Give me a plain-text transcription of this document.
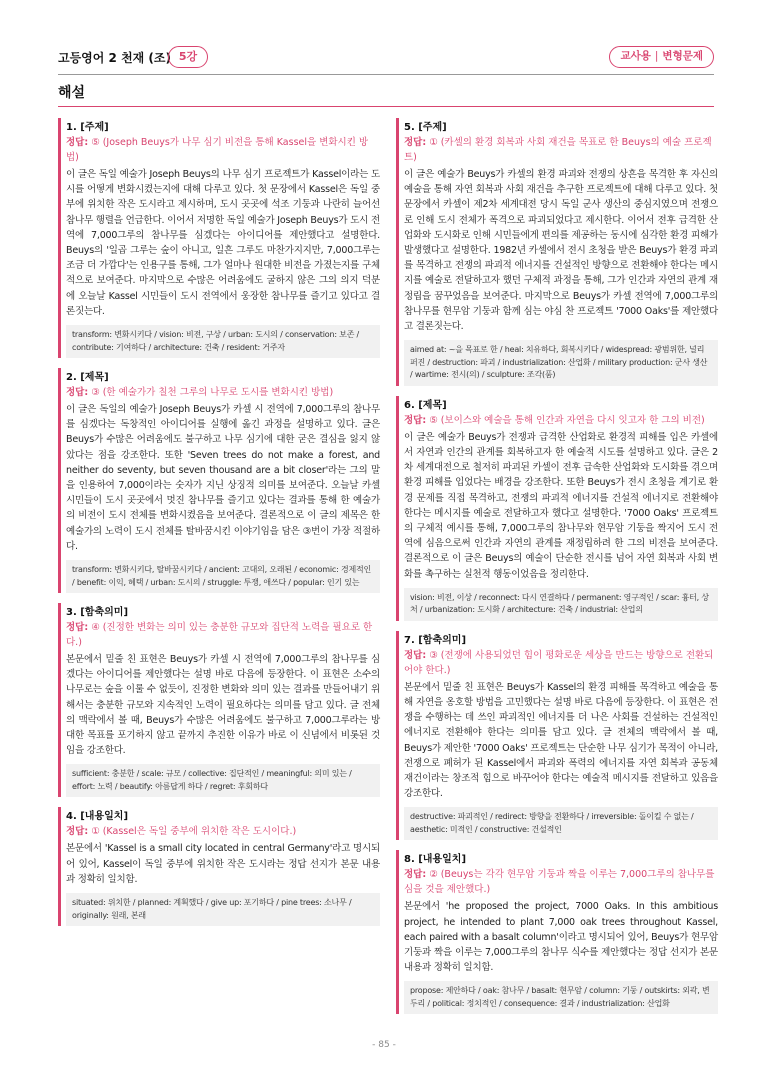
고등영어 2 천재 (조) 5강	교사용 | 변형문제
해설
1. [주제]
정답: ⑤ (Joseph Beuys가 나무 심기 비전을 통해 Kassel을 변화시킨 방법)
이 글은 독일 예술가 Joseph Beuys의 나무 심기 프로젝트가 Kassel이라는 도시를 어떻게 변화시켰는지에 대해 다루고 있다. 첫 문장에서 Kassel은 독일 중부에 위치한 작은 도시라고 제시하며, 도시 곳곳에 석조 기둥과 나란히 늘어선 참나무 행렬을 언급한다. 이어서 저명한 독일 예술가 Joseph Beuys가 도시 전역에 7,000그루의 참나무를 심겠다는 아이디어를 제안했다고 설명한다. Beuys의 '일곱 그루는 숲이 아니고, 일흔 그루도 마찬가지지만, 7,000그루는 조금 더 가깝다'는 인용구를 통해, 그가 얼마나 원대한 비전을 가졌는지를 구체적으로 보여준다. 마지막으로 수많은 어려움에도 굴하지 않은 그의 의지 덕분에 오늘날 Kassel 시민들이 도시 전역에서 웅장한 참나무를 즐기고 있다고 결론짓는다.
transform: 변화시키다 / vision: 비전, 구상 / urban: 도시의 / conservation: 보존 / contribute: 기여하다 / architecture: 건축 / resident: 거주자
2. [제목]
정답: ③ (한 예술가가 칠천 그루의 나무로 도시를 변화시킨 방법)
이 글은 독일의 예술가 Joseph Beuys가 카셀 시 전역에 7,000그루의 참나무를 심겠다는 독창적인 아이디어를 실행에 옮긴 과정을 설명하고 있다. 글은 Beuys가 수많은 어려움에도 불구하고 나무 심기에 대한 굳은 결심을 잃지 않았다는 점을 강조한다. 또한 'Seven trees do not make a forest, and neither do seventy, but seven thousand are a bit closer'라는 그의 말을 인용하여 7,000이라는 숫자가 지닌 상징적 의미를 보여준다. 오늘날 카셀 시민들이 도시 곳곳에서 멋진 참나무를 즐기고 있다는 결과를 통해 한 예술가의 비전이 도시 전체를 변화시켰음을 보여준다. 결론적으로 이 글의 제목은 한 예술가의 노력이 도시 전체를 탈바꿈시킨 이야기임을 담은 ③번이 가장 적절하다.
transform: 변화시키다, 탈바꿈시키다 / ancient: 고대의, 오래된 / economic: 경제적인 / benefit: 이익, 혜택 / urban: 도시의 / struggle: 투쟁, 애쓰다 / popular: 인기 있는
3. [함축의미]
정답: ④ (진정한 변화는 의미 있는 충분한 규모와 집단적 노력을 필요로 한다.)
본문에서 밑줄 친 표현은 Beuys가 카셀 시 전역에 7,000그루의 참나무를 심겠다는 아이디어를 제안했다는 설명 바로 다음에 등장한다. 이 표현은 소수의 나무로는 숲을 이룰 수 없듯이, 진정한 변화와 의미 있는 결과를 만들어내기 위해서는 충분한 규모와 지속적인 노력이 필요하다는 의미를 담고 있다. 글 전체의 맥락에서 볼 때, Beuys가 수많은 어려움에도 불구하고 7,000그루라는 방대한 목표를 포기하지 않고 끝까지 추진한 이유가 바로 이 신념에서 비롯된 것임을 강조한다.
sufficient: 충분한 / scale: 규모 / collective: 집단적인 / meaningful: 의미 있는 / effort: 노력 / beautify: 아름답게 하다 / regret: 후회하다
4. [내용일치]
정답: ① (Kassel은 독일 중부에 위치한 작은 도시이다.)
본문에서 'Kassel is a small city located in central Germany'라고 명시되어 있어, Kassel이 독일 중부에 위치한 작은 도시라는 정답 선지가 본문 내용과 정확히 일치함.
situated: 위치한 / planned: 계획했다 / give up: 포기하다 / pine trees: 소나무 / originally: 원래, 본래
5. [주제]
정답: ① (카셀의 환경 회복과 사회 재건을 목표로 한 Beuys의 예술 프로젝트)
이 글은 예술가 Beuys가 카셀의 환경 파괴와 전쟁의 상흔을 목격한 후 자신의 예술을 통해 자연 회복과 사회 재건을 추구한 프로젝트에 대해 다루고 있다. 첫 문장에서 카셀이 제2차 세계대전 당시 독일 군사 생산의 중심지였으며 전쟁으로 인해 도시 전체가 폭격으로 파괴되었다고 제시한다. 이어서 전후 급격한 산업화와 도시화로 인해 시민들에게 편의를 제공하는 동시에 심각한 환경 피해가 발생했다고 설명한다. 1982년 카셀에서 전시 초청을 받은 Beuys가 환경 파괴를 목격하고 전쟁의 파괴적 에너지를 건설적인 방향으로 전환해야 한다는 메시지를 예술로 전달하고자 했던 구체적 과정을 통해, 그가 인간과 자연의 관계 재정립을 꿈꾸었음을 보여준다. 마지막으로 Beuys가 카셀 전역에 7,000그루의 참나무를 현무암 기둥과 함께 심는 야심 찬 프로젝트 '7000 Oaks'를 제안했다고 결론짓는다.
aimed at: ~을 목표로 한 / heal: 치유하다, 회복시키다 / widespread: 광범위한, 널리 퍼진 / destruction: 파괴 / industrialization: 산업화 / military production: 군사 생산 / wartime: 전시(의) / sculpture: 조각(품)
6. [제목]
정답: ⑤ (보이스와 예술을 통해 인간과 자연을 다시 잇고자 한 그의 비전)
이 글은 예술가 Beuys가 전쟁과 급격한 산업화로 환경적 피해를 입은 카셀에서 자연과 인간의 관계를 회복하고자 한 예술적 시도를 설명하고 있다. 글은 2차 세계대전으로 철저히 파괴된 카셀이 전후 급속한 산업화와 도시화를 겪으며 환경 피해를 입었다는 배경을 강조한다. 또한 Beuys가 전시 초청을 계기로 환경 문제를 직접 목격하고, 전쟁의 파괴적 에너지를 건설적 에너지로 전환해야 한다는 메시지를 예술로 전달하고자 했다고 설명한다. '7000 Oaks' 프로젝트의 구체적 예시를 통해, 7,000그루의 참나무와 현무암 기둥을 짝지어 도시 전역에 심음으로써 인간과 자연의 관계를 재정립하려 한 그의 비전을 보여준다. 결론적으로 이 글은 Beuys의 예술이 단순한 전시를 넘어 자연 회복과 사회 변화를 촉구하는 실천적 행동이었음을 정리한다.
vision: 비전, 이상 / reconnect: 다시 연결하다 / permanent: 영구적인 / scar: 흉터, 상처 / urbanization: 도시화 / architecture: 건축 / industrial: 산업의
7. [함축의미]
정답: ③ (전쟁에 사용되었던 힘이 평화로운 세상을 만드는 방향으로 전환되어야 한다.)
본문에서 밑줄 친 표현은 Beuys가 Kassel의 환경 피해를 목격하고 예술을 통해 자연을 옹호할 방법을 고민했다는 설명 바로 다음에 등장한다. 이 표현은 전쟁을 수행하는 데 쓰인 파괴적인 에너지를 더 나은 사회를 건설하는 건설적인 에너지로 전환해야 한다는 의미를 담고 있다. 글 전체의 맥락에서 볼 때, Beuys가 제안한 '7000 Oaks' 프로젝트는 단순한 나무 심기가 목적이 아니라, 전쟁으로 폐허가 된 Kassel에서 파괴와 폭력의 에너지를 자연 회복과 공동체 재건이라는 창조적 힘으로 바꾸어야 한다는 예술적 메시지를 전달하고 있음을 강조한다.
destructive: 파괴적인 / redirect: 방향을 전환하다 / irreversible: 돌이킬 수 없는 / aesthetic: 미적인 / constructive: 건설적인
8. [내용일치]
정답: ② (Beuys는 각각 현무암 기둥과 짝을 이루는 7,000그루의 참나무를 심을 것을 제안했다.)
본문에서 'he proposed the project, 7000 Oaks. In this ambitious project, he intended to plant 7,000 oak trees throughout Kassel, each paired with a basalt column'이라고 명시되어 있어, Beuys가 현무암 기둥과 짝을 이루는 7,000그루의 참나무 식수를 제안했다는 정답 선지가 본문 내용과 정확히 일치함.
propose: 제안하다 / oak: 참나무 / basalt: 현무암 / column: 기둥 / outskirts: 외곽, 변두리 / political: 정치적인 / consequence: 결과 / industrialization: 산업화
- 85 -
